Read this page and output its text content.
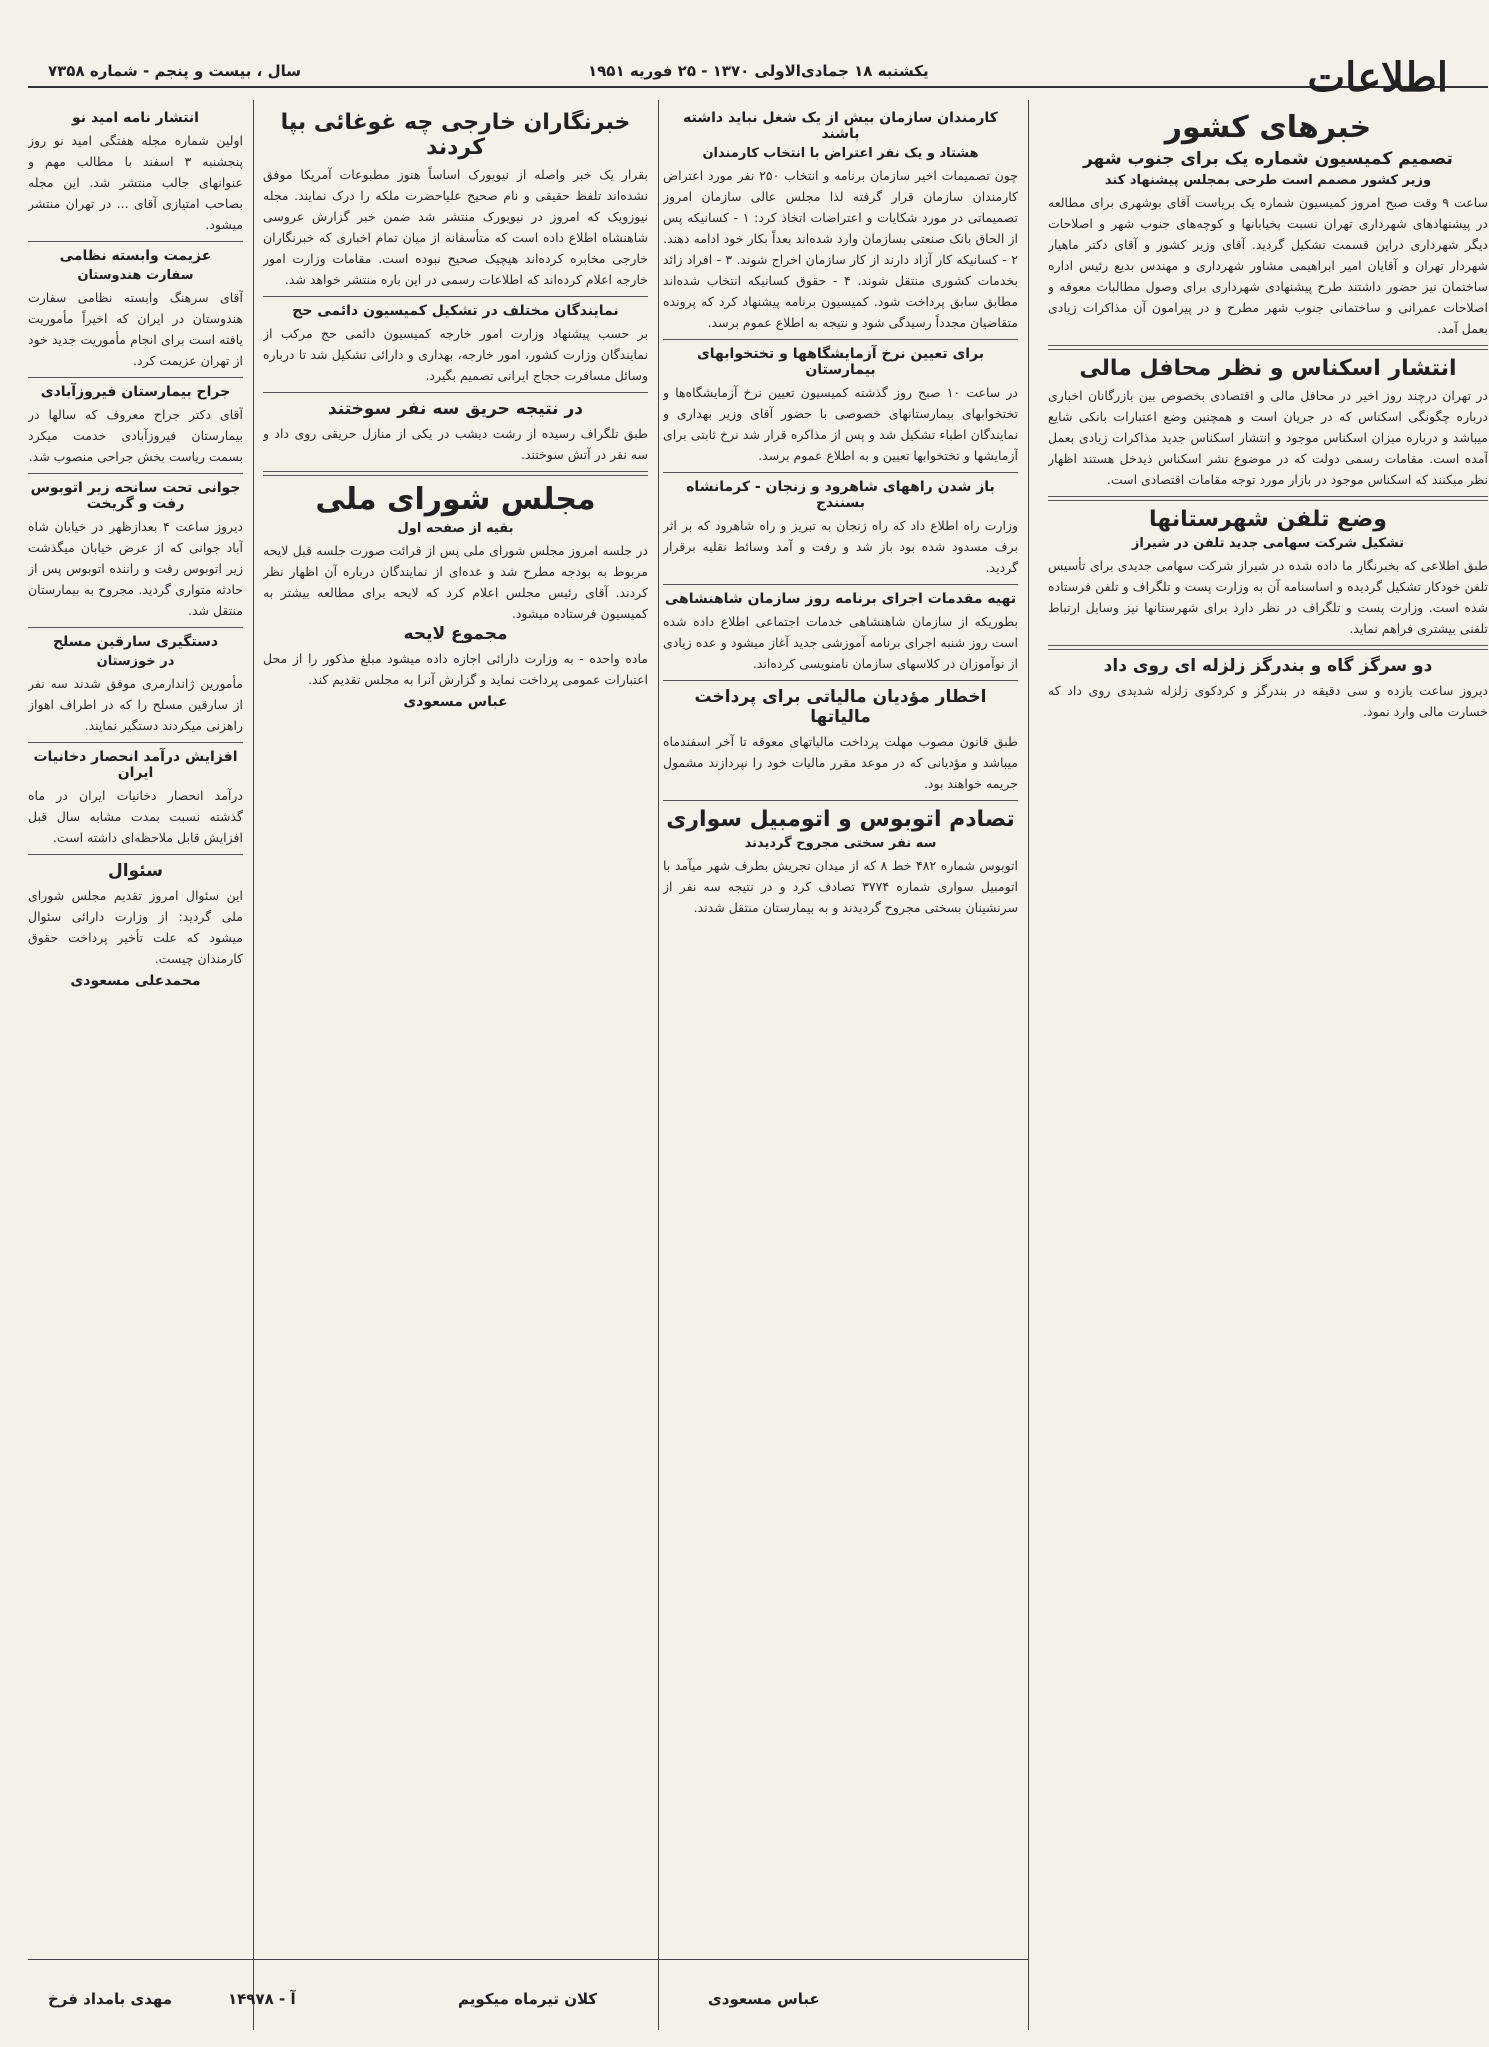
اطلاعات
یکشنبه ۱۸ جمادی‌الاولی ۱۳۷۰ - ۲۵ فوریه ۱۹۵۱
سال ، بیست و پنجم - شماره ۷۳۵۸
خبرهای کشور
تصمیم کمیسیون شماره یک برای جنوب شهر
وزیر کشور مصمم است طرحی بمجلس پیشنهاد کند

ساعت ۹ وقت صبح امروز کمیسیون شماره یک بریاست آقای بوشهری برای مطالعه در پیشنهادهای شهرداری تهران نسبت بخیابانها و کوچه‌های جنوب شهر و اصلاحات دیگر شهرداری دراین قسمت تشکیل گردید. آقای وزیر کشور و آقای دکتر ماهیار شهردار تهران و آقایان امیر ابراهیمی مشاور شهرداری و مهندس بدیع رئیس اداره ساختمان نیز حضور داشتند طرح پیشنهادی شهرداری برای وصول مطالبات معوقه و اصلاحات عمرانی و ساختمانی جنوب شهر مطرح و در پیرامون آن مذاکرات زیادی بعمل آمد.

انتشار اسکناس و نظر محافل مالی

در تهران درچند روز اخیر در محافل مالی و اقتصادی بخصوص بین بازرگانان اخباری درباره چگونگی اسکناس که در جریان است و همچنین وضع اعتبارات بانکی شایع میباشد و درباره میزان اسکناس موجود و انتشار اسکناس جدید مذاکرات زیادی بعمل آمده است. مقامات رسمی دولت که در موضوع نشر اسکناس ذیدخل هستند اظهار نظر میکنند که اسکناس موجود در بازار مورد توجه مقامات اقتصادی است.

وضع تلفن شهرستانها
تشکیل شرکت سهامی جدید تلفن در شیراز

طبق اطلاعی که بخبرنگار ما داده شده در شیراز شرکت سهامی جدیدی برای تأسیس تلفن خودکار تشکیل گردیده و اساسنامه آن به وزارت پست و تلگراف و تلفن فرستاده شده است. وزارت پست و تلگراف در نظر دارد برای شهرستانها نیز وسایل ارتباط تلفنی بیشتری فراهم نماید.

دو سرگز گاه و بندرگز زلزله ای روی داد

دیروز ساعت یازده و سی دقیقه در بندرگز و کردکوی زلزله شدیدی روی داد که خسارت مالی وارد نمود.

کارمندان سازمان بیش از یک شغل نباید داشته باشند
هشتاد و یک نفر اعتراض با انتخاب کارمندان

چون تصمیمات اخیر سازمان برنامه و انتخاب ۲۵۰ نفر مورد اعتراض کارمندان سازمان قرار گرفته لذا مجلس عالی سازمان امروز تصمیماتی در مورد شکایات و اعتراضات اتخاذ کرد: ۱ - کسانیکه پس از الحاق بانک صنعتی بسازمان وارد شده‌اند بعداً بکار خود ادامه دهند. ۲ - کسانیکه کار آزاد دارند از کار سازمان اخراج شوند. ۳ - افراد زائد بخدمات کشوری منتقل شوند. ۴ - حقوق کسانیکه انتخاب شده‌اند مطابق سابق پرداخت شود. کمیسیون برنامه پیشنهاد کرد که پرونده متقاضیان مجدداً رسیدگی شود و نتیجه به اطلاع عموم برسد.

برای تعیین نرخ آزمایشگاهها و تختخوابهای بیمارستان

در ساعت ۱۰ صبح روز گذشته کمیسیون تعیین نرخ آزمایشگاه‌ها و تختخوابهای بیمارستانهای خصوصی با حضور آقای وزیر بهداری و نمایندگان اطباء تشکیل شد و پس از مذاکره قرار شد نرخ ثابتی برای آزمایشها و تختخوابها تعیین و به اطلاع عموم برسد.

باز شدن راههای شاهرود و زنجان - کرمانشاه بسنندج

وزارت راه اطلاع داد که راه زنجان به تبریز و راه شاهرود که بر اثر برف مسدود شده بود باز شد و رفت و آمد وسائط نقلیه برقرار گردید.

تهیه مقدمات اجرای برنامه روز سازمان شاهنشاهی

بطوریکه از سازمان شاهنشاهی خدمات اجتماعی اطلاع داده شده است روز شنبه اجرای برنامه آموزشی جدید آغاز میشود و عده زیادی از نوآموزان در کلاسهای سازمان نامنویسی کرده‌اند.

اخطار مؤدیان مالیاتی برای پرداخت مالیاتها

طبق قانون مصوب مهلت پرداخت مالیاتهای معوقه تا آخر اسفندماه میباشد و مؤدیانی که در موعد مقرر مالیات خود را نپردازند مشمول جریمه خواهند بود.

تصادم اتوبوس و اتومبیل سواری
سه نفر سختی مجروح گردیدند

اتوبوس شماره ۴۸۲ خط ۸ که از میدان تجریش بطرف شهر میآمد با اتومبیل سواری شماره ۳۷۷۴ تصادف کرد و در نتیجه سه نفر از سرنشینان بسختی مجروح گردیدند و به بیمارستان منتقل شدند.

خبرنگاران خارجی چه غوغائی بپا کردند

بقرار یک خبر واصله از نیویورک اساساً هنوز مطبوعات آمریکا موفق نشده‌اند تلفظ حقیقی و نام صحیح علیاحضرت ملکه را درک نمایند. مجله نیوزویک که امروز در نیویورک منتشر شد ضمن خبر گزارش عروسی شاهنشاه اطلاع داده است که متأسفانه از میان تمام اخباری که خبرنگاران خارجی مخابره کرده‌اند هیچیک صحیح نبوده است. مقامات وزارت امور خارجه اعلام کرده‌اند که اطلاعات رسمی در این باره منتشر خواهد شد.

نمایندگان مختلف در تشکیل کمیسیون دائمی حج

بر حسب پیشنهاد وزارت امور خارجه کمیسیون دائمی حج مرکب از نمایندگان وزارت کشور، امور خارجه، بهداری و دارائی تشکیل شد تا درباره وسائل مسافرت حجاج ایرانی تصمیم بگیرد.

در نتیجه حریق سه نفر سوختند

طبق تلگراف رسیده از رشت دیشب در یکی از منازل حریقی روی داد و سه نفر در آتش سوختند.

مجلس شورای ملی
بقیه از صفحه اول

در جلسه امروز مجلس شورای ملی پس از قرائت صورت جلسه قبل لایحه مربوط به بودجه مطرح شد و عده‌ای از نمایندگان درباره آن اظهار نظر کردند. آقای رئیس مجلس اعلام کرد که لایحه برای مطالعه بیشتر به کمیسیون فرستاده میشود.

مجموع لایحه

ماده واحده - به وزارت دارائی اجازه داده میشود مبلغ مذکور را از محل اعتبارات عمومی پرداخت نماید و گزارش آنرا به مجلس تقدیم کند.

عباس مسعودی
انتشار نامه امید نو

اولین شماره مجله هفتگی امید نو روز پنجشنبه ۳ اسفند با مطالب مهم و عنوانهای جالب منتشر شد. این مجله بصاحب امتیازی آقای ... در تهران منتشر میشود.

عزیمت وابسته نظامی
سفارت هندوستان

آقای سرهنگ وابسته نظامی سفارت هندوستان در ایران که اخیراً مأموریت یافته است برای انجام مأموریت جدید خود از تهران عزیمت کرد.

جراح بیمارستان فیروزآبادی

آقای دکتر جراح معروف که سالها در بیمارستان فیروزآبادی خدمت میکرد بسمت ریاست بخش جراحی منصوب شد.

جوانی تحت سانحه زیر اتوبوس رفت و گریخت

دیروز ساعت ۴ بعدازظهر در خیابان شاه آباد جوانی که از عرض خیابان میگذشت زیر اتوبوس رفت و راننده اتوبوس پس از حادثه متواری گردید. مجروح به بیمارستان منتقل شد.

دستگیری سارقین مسلح
در خوزستان

مأمورین ژاندارمری موفق شدند سه نفر از سارقین مسلح را که در اطراف اهواز راهزنی میکردند دستگیر نمایند.

افزایش درآمد انحصار دخانیات ایران

درآمد انحصار دخانیات ایران در ماه گذشته نسبت بمدت مشابه سال قبل افزایش قابل ملاحظه‌ای داشته است.

سئوال

این سئوال امروز تقدیم مجلس شورای ملی گردید: از وزارت دارائی سئوال میشود که علت تأخیر پرداخت حقوق کارمندان چیست.

محمدعلی مسعودی
مهدی بامداد فرخ	آ - ۱۴۹۷۸	کلان تیرماه میکویم	عباس مسعودی
